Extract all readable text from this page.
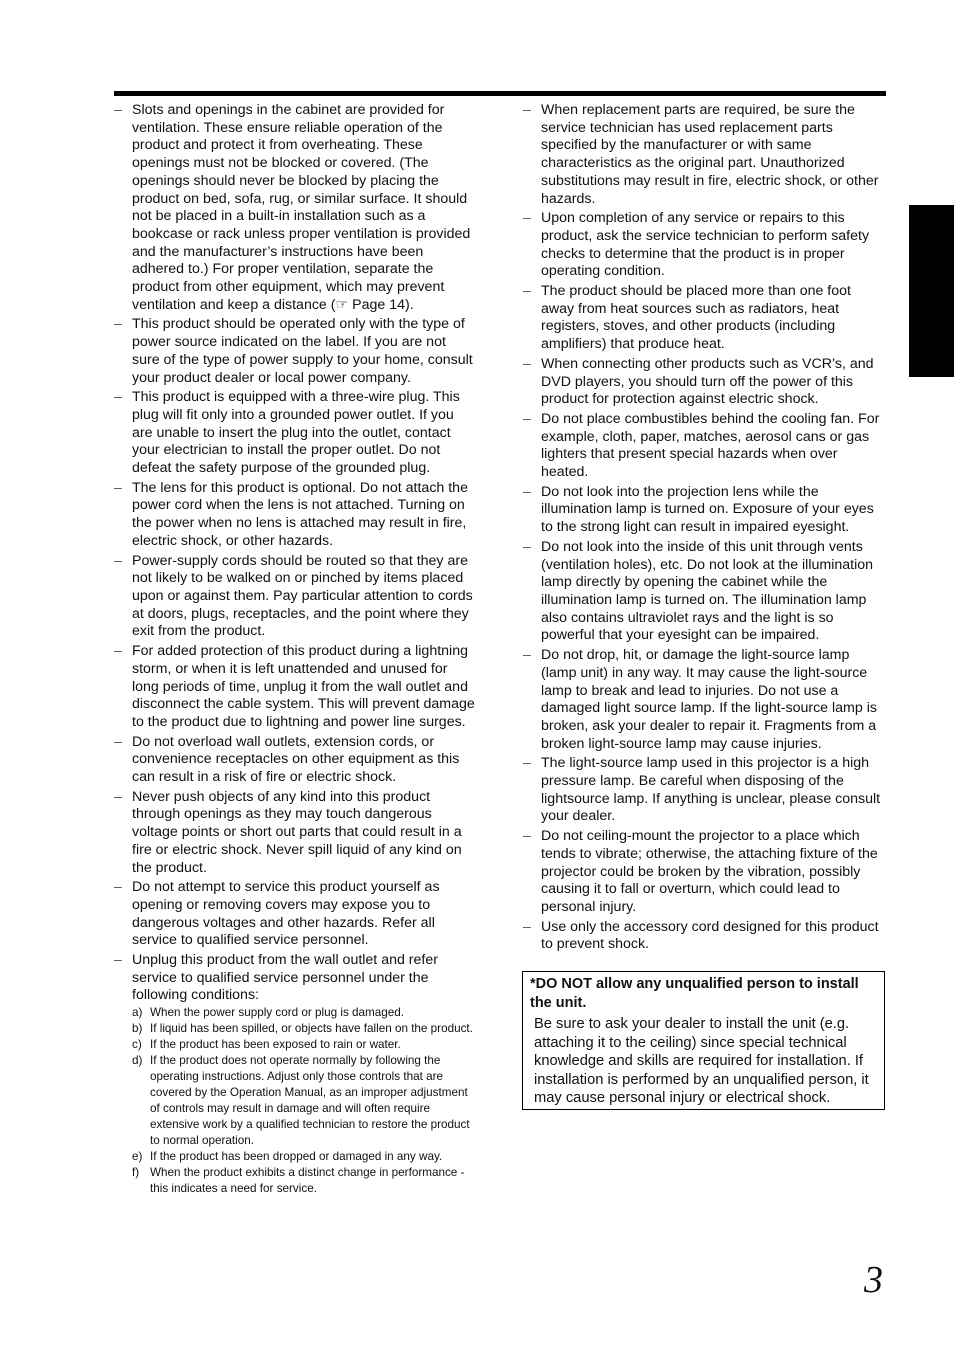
– Slots and openings in the cabinet are provided for ventilation. These ensure reliable operation of the product and protect it from overheating. These openings must not be blocked or covered. (The openings should never be blocked by placing the product on bed, sofa, rug, or similar surface. It should not be placed in a built-in installation such as a bookcase or rack unless proper ventilation is provided and the manufacturer’s instructions have been adhered to.) For proper ventilation, separate the product from other equipment, which may prevent ventilation and keep a distance (☞ Page 14).
– This product should be operated only with the type of power source indicated on the label. If you are not sure of the type of power supply to your home, consult your product dealer or local power company.
– This product is equipped with a three-wire plug. This plug will fit only into a grounded power outlet. If you are unable to insert the plug into the outlet, contact your electrician to install the proper outlet. Do not defeat the safety purpose of the grounded plug.
– The lens for this product is optional. Do not attach the power cord when the lens is not attached. Turning on the power when no lens is attached may result in fire, electric shock, or other hazards.
– Power-supply cords should be routed so that they are not likely to be walked on or pinched by items placed upon or against them. Pay particular attention to cords at doors, plugs, receptacles, and the point where they exit from the product.
– For added protection of this product during a lightning storm, or when it is left unattended and unused for long periods of time, unplug it from the wall outlet and disconnect the cable system. This will prevent damage to the product due to lightning and power line surges.
– Do not overload wall outlets, extension cords, or convenience receptacles on other equipment as this can result in a risk of fire or electric shock.
– Never push objects of any kind into this product through openings as they may touch dangerous voltage points or short out parts that could result in a fire or electric shock. Never spill liquid of any kind on the product.
– Do not attempt to service this product yourself as opening or removing covers may expose you to dangerous voltages and other hazards. Refer all service to qualified service personnel.
– Unplug this product from the wall outlet and refer service to qualified service personnel under the following conditions:
a) When the power supply cord or plug is damaged.
b) If liquid has been spilled, or objects have fallen on the product.
c) If the product has been exposed to rain or water.
d) If the product does not operate normally by following the operating instructions. Adjust only those controls that are covered by the Operation Manual, as an improper adjustment of controls may result in damage and will often require extensive work by a qualified technician to restore the product to normal operation.
e) If the product has been dropped or damaged in any way.
f) When the product exhibits a distinct change in performance - this indicates a need for service.
– When replacement parts are required, be sure the service technician has used replacement parts specified by the manufacturer or with same characteristics as the original part. Unauthorized substitutions may result in fire, electric shock, or other hazards.
– Upon completion of any service or repairs to this product, ask the service technician to perform safety checks to determine that the product is in proper operating condition.
– The product should be placed more than one foot away from heat sources such as radiators, heat registers, stoves, and other products (including amplifiers) that produce heat.
– When connecting other products such as VCR’s, and DVD players, you should turn off the power of this product for protection against electric shock.
– Do not place combustibles behind the cooling fan. For example, cloth, paper, matches, aerosol cans or gas lighters that present special hazards when over heated.
– Do not look into the projection lens while the illumination lamp is turned on. Exposure of your eyes to the strong light can result in impaired eyesight.
– Do not look into the inside of this unit through vents (ventilation holes), etc. Do not look at the illumination lamp directly by opening the cabinet while the illumination lamp is turned on. The illumination lamp also contains ultraviolet rays and the light is so powerful that your eyesight can be impaired.
– Do not drop, hit, or damage the light-source lamp (lamp unit) in any way. It may cause the light-source lamp to break and lead to injuries. Do not use a damaged light source lamp. If the light-source lamp is broken, ask your dealer to repair it. Fragments from a broken light-source lamp may cause injuries.
– The light-source lamp used in this projector is a high pressure lamp. Be careful when disposing of the lightsource lamp. If anything is unclear, please consult your dealer.
– Do not ceiling-mount the projector to a place which tends to vibrate; otherwise, the attaching fixture of the projector could be broken by the vibration, possibly causing it to fall or overturn, which could lead to personal injury.
– Use only the accessory cord designed for this product to prevent shock.

*DO NOT allow any unqualified person to install the unit.

Be sure to ask your dealer to install the unit (e.g. attaching it to the ceiling) since special technical knowledge and skills are required for installation. If installation is performed by an unqualified person, it may cause personal injury or electrical shock.

3
